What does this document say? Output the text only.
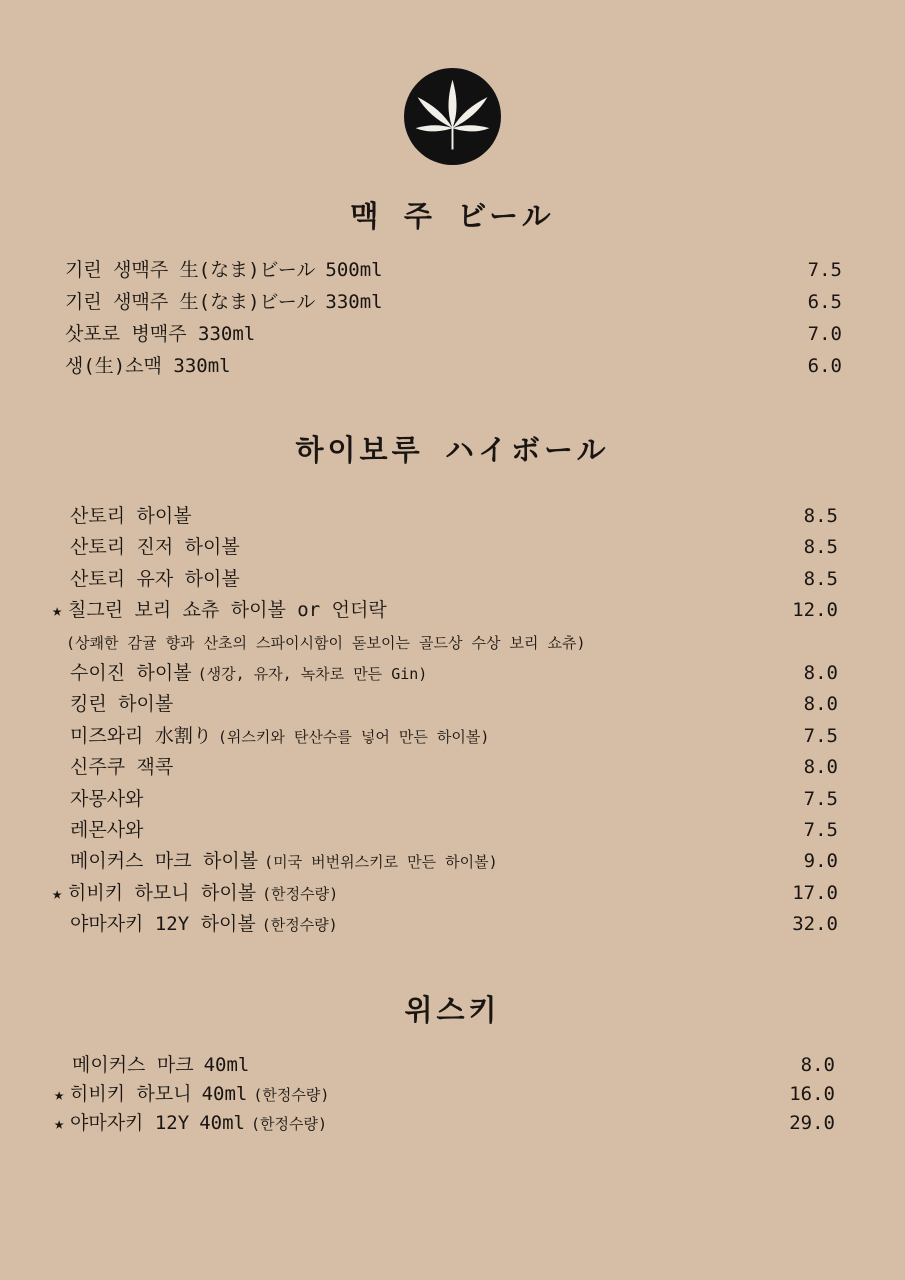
맥 주 ビール
7.5
기린 생맥주 生(なま)ビール 500ml
6.5
기린 생맥주 生(なま)ビール 330ml
7.0
삿포로 병맥주 330ml
6.0
생(生)소맥 330ml
하이보루 ハイボール
8.5
산토리 하이볼
8.5
산토리 진저 하이볼
8.5
산토리 유자 하이볼
12.0
★ 칠그린 보리 쇼츄 하이볼 or 언더락
(상쾌한 감귤 향과 산초의 스파이시함이 돋보이는 골드상 수상 보리 쇼츄)
8.0
수이진 하이볼 (생강, 유자, 녹차로 만든 Gin)
8.0
킹린 하이볼
7.5
미즈와리 水割り (위스키와 탄산수를 넣어 만든 하이볼)
8.0
신주쿠 잭콕
7.5
자몽사와
7.5
레몬사와
9.0
메이커스 마크 하이볼 (미국 버번위스키로 만든 하이볼)
17.0
★ 히비키 하모니 하이볼 (한정수량)
32.0
야마자키 12Y 하이볼 (한정수량)
위스키
8.0
메이커스 마크 40ml
16.0
★ 히비키 하모니 40ml (한정수량)
29.0
★ 야마자키 12Y 40ml (한정수량)
